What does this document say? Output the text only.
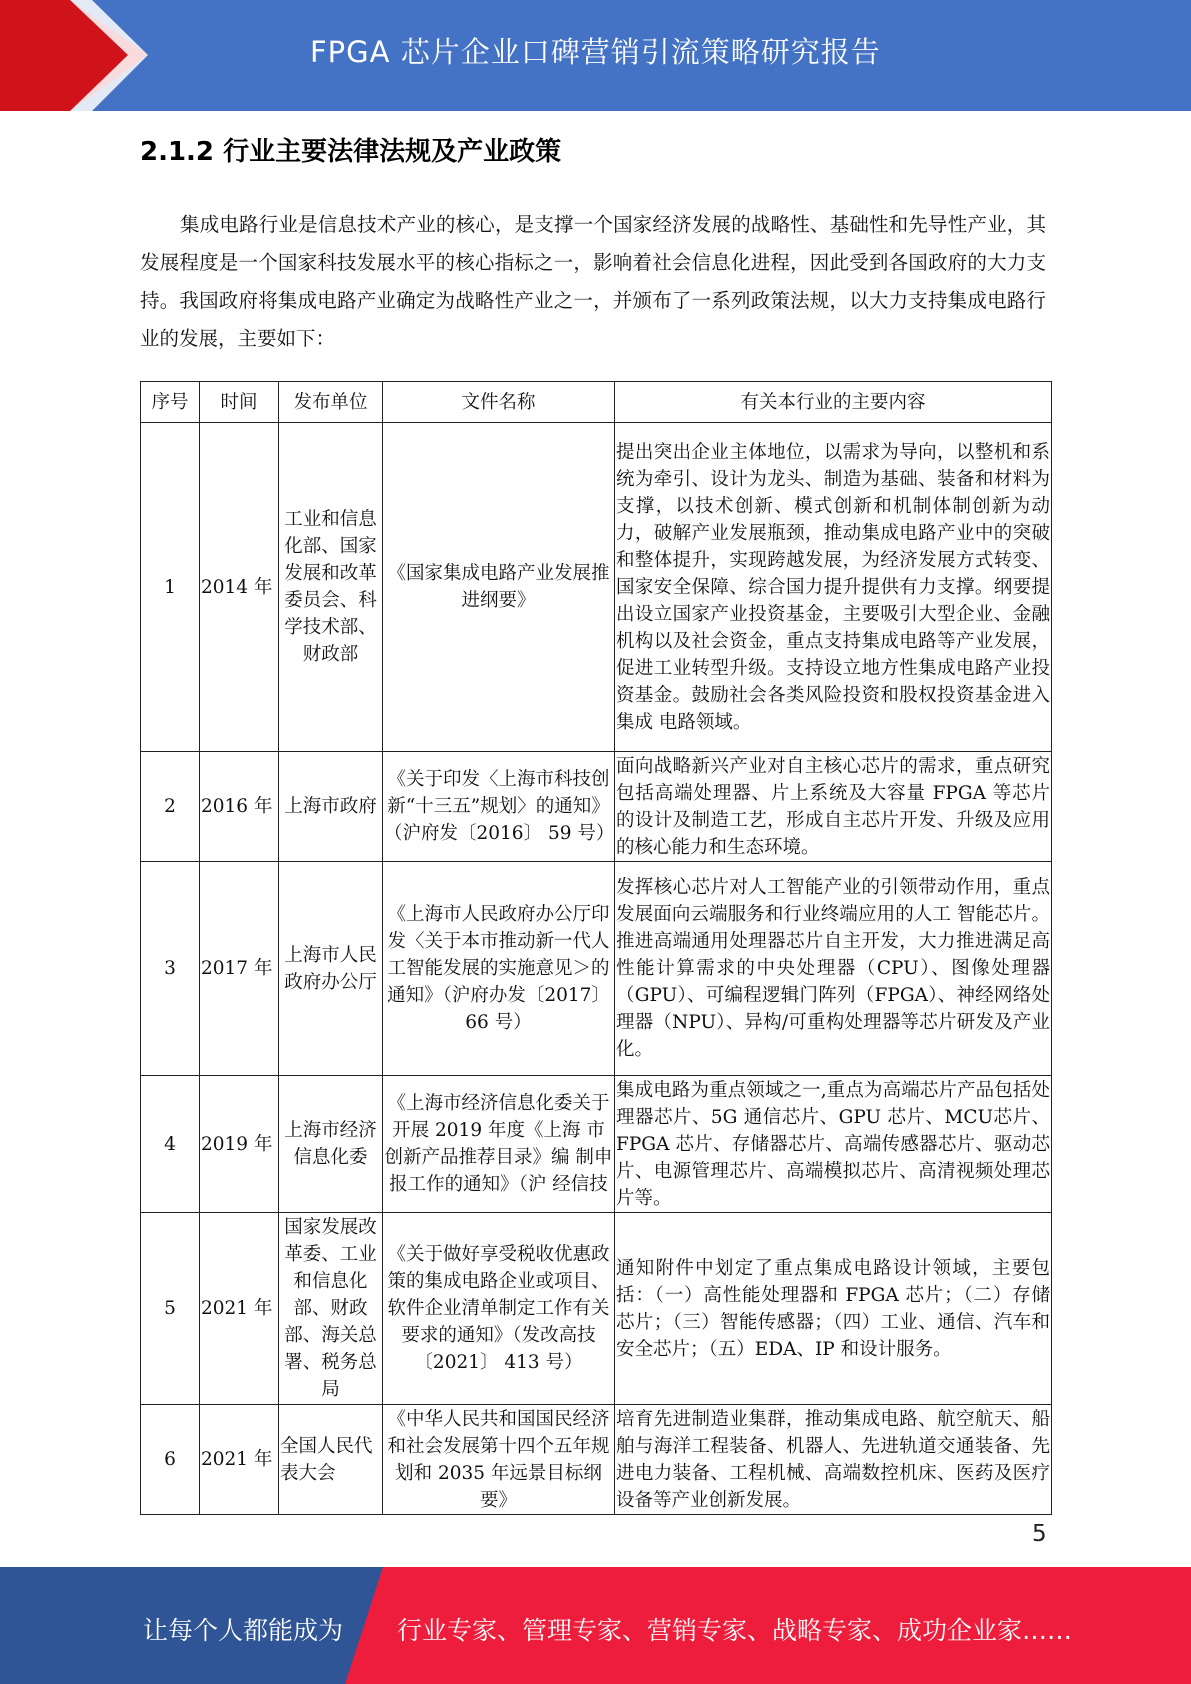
FPGA 芯片企业口碑营销引流策略研究报告
2.1.2 行业主要法律法规及产业政策
集成电路行业是信息技术产业的核心，是支撑一个国家经济发展的战略性、基础性和先导性产业，其发展程度是一个国家科技发展水平的核心指标之一，影响着社会信息化进程，因此受到各国政府的大力支持。我国政府将集成电路产业确定为战略性产业之一，并颁布了一系列政策法规，以大力支持集成电路行业的发展，主要如下：
序号	时间	发布单位	文件名称	有关本行业的主要内容
1	2014 年	工业和信息化部、国家发展和改革委员会、科学技术部、财政部	《国家集成电路产业发展推进纲要》	提出突出企业主体地位，以需求为导向，以整机和系统为牵引、设计为龙头、制造为基础、装备和材料为支撑，以技术创新、模式创新和机制体制创新为动力，破解产业发展瓶颈，推动集成电路产业中的突破和整体提升，实现跨越发展，为经济发展方式转变、国家安全保障、综合国力提升提供有力支撑。纲要提出设立国家产业投资基金，主要吸引大型企业、金融机构以及社会资金，重点支持集成电路等产业发展，促进工业转型升级。支持设立地方性集成电路产业投资基金。鼓励社会各类风险投资和股权投资基金进入集成 电路领域。
2	2016 年	上海市政府	《关于印发〈上海市科技创新“十三五”规划〉的通知》（沪府发〔2016〕 59 号）	面向战略新兴产业对自主核心芯片的需求，重点研究包括高端处理器、片上系统及大容量 FPGA 等芯片的设计及制造工艺，形成自主芯片开发、升级及应用的核心能力和生态环境。
3	2017 年	上海市人民政府办公厅	《上海市人民政府办公厅印发〈关于本市推动新一代人工智能发展的实施意见＞的通知》（沪府办发〔2017〕 66 号）	发挥核心芯片对人工智能产业的引领带动作用，重点发展面向云端服务和行业终端应用的人工 智能芯片。推进高端通用处理器芯片自主开发，大力推进满足高性能计算需求的中央处理器（CPU）、图像处理器（GPU）、可编程逻辑门阵列（FPGA）、神经网络处理器（NPU）、异构/可重构处理器等芯片研发及产业化。
4	2019 年	上海市经济信息化委	《上海市经济信息化委关于开展 2019 年度《上海 市创新产品推荐目录》编 制申报工作的通知》（沪 经信技	集成电路为重点领域之一,重点为高端芯片产品包括处理器芯片、5G 通信芯片、GPU 芯片、MCU芯片、FPGA 芯片、存储器芯片、高端传感器芯片、驱动芯片、电源管理芯片、高端模拟芯片、高清视频处理芯片等。
5	2021 年	国家发展改革委、工业和信息化部、财政部、海关总署、税务总局	《关于做好享受税收优惠政策的集成电路企业或项目、软件企业清单制定工作有关要求的通知》（发改高技〔2021〕 413 号）	通知附件中划定了重点集成电路设计领域，主要包括：（一）高性能处理器和 FPGA 芯片；（二）存储芯片；（三）智能传感器；（四）工业、通信、汽车和安全芯片；（五）EDA、IP 和设计服务。
6	2021 年	全国人民代表大会	《中华人民共和国国民经济和社会发展第十四个五年规划和 2035 年远景目标纲要》	培育先进制造业集群，推动集成电路、航空航天、船舶与海洋工程装备、机器人、先进轨道交通装备、先进电力装备、工程机械、高端数控机床、医药及医疗设备等产业创新发展。
5
让每个人都能成为 行业专家、管理专家、营销专家、战略专家、成功企业家……
